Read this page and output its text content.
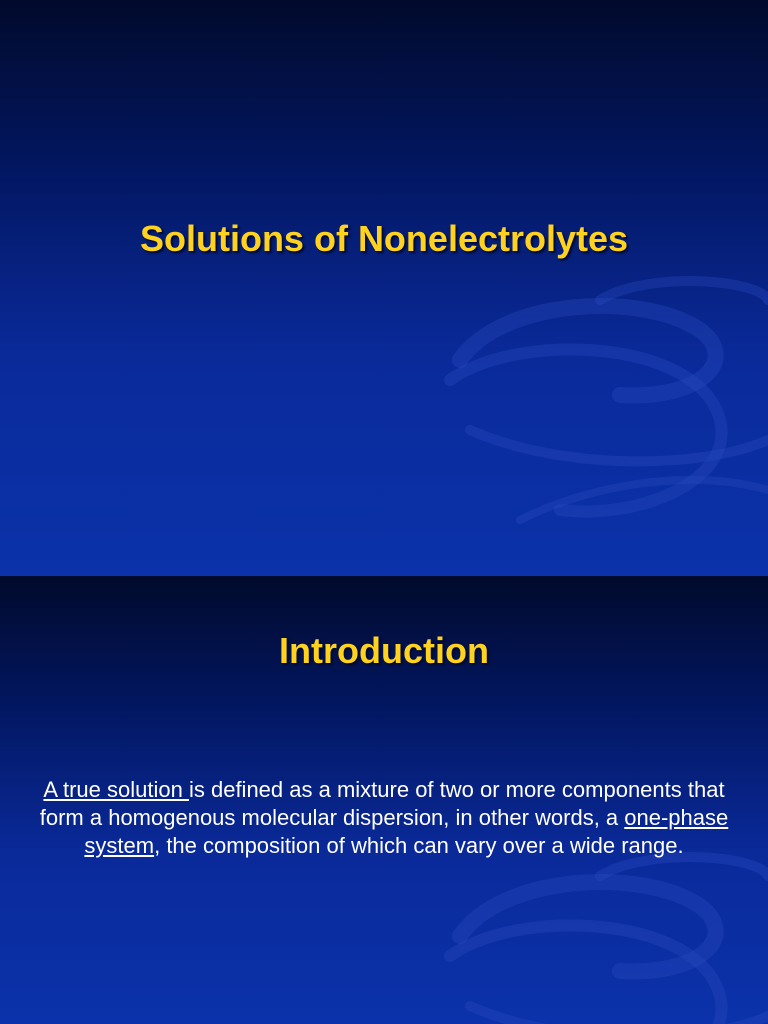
Solutions of Nonelectrolytes
Introduction

A true solution is defined as a mixture of two or more components that form a homogenous molecular dispersion, in other words, a one-phase system, the composition of which can vary over a wide range.
